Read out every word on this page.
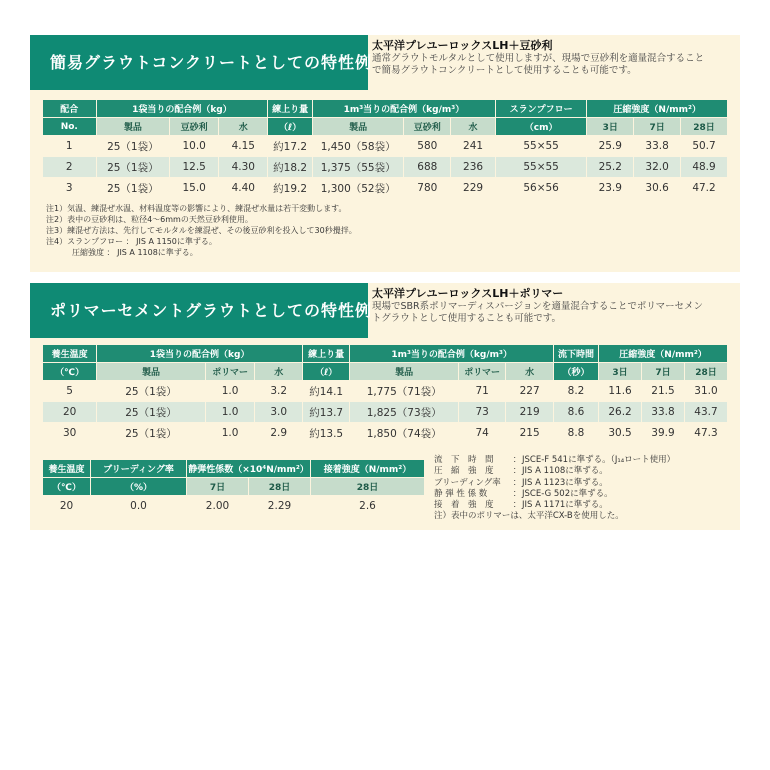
簡易グラウトコンクリートとしての特性例
太平洋プレユーロックスLH＋豆砂利
通常グラウトモルタルとして使用しますが、現場で豆砂利を適量混合すること
で簡易グラウトコンクリートとして使用することも可能です。
配合	1袋当りの配合例（kg）			練上り量	1m³当りの配合例（kg/m³）			スランプフロー	圧縮強度（N/mm²）		
No.	製品	豆砂利	水	（ℓ）	製品	豆砂利	水	（cm）	3日	7日	28日
1	25（1袋）	10.0	4.15	約17.2	1,450（58袋）	580	241	55×55	25.9	33.8	50.7
2	25（1袋）	12.5	4.30	約18.2	1,375（55袋）	688	236	55×55	25.2	32.0	48.9
3	25（1袋）	15.0	4.40	約19.2	1,300（52袋）	780	229	56×56	23.9	30.6	47.2
注1）気温、練混ぜ水温、材料温度等の影響により、練混ぜ水量は若干変動します。
注2）表中の豆砂利は、粒径4〜6mmの天然豆砂利使用。
注3）練混ぜ方法は、先行してモルタルを練混ぜ、その後豆砂利を投入して30秒攪拌。
注4）スランプフロー ： JIS A 1150に準ずる。
圧縮強度 ： JIS A 1108に準ずる。
ポリマーセメントグラウトとしての特性例
太平洋プレユーロックスLH＋ポリマー
現場でSBR系ポリマーディスパージョンを適量混合することでポリマーセメン
トグラウトとして使用することも可能です。
養生温度	1袋当りの配合例（kg）			練上り量	1m³当りの配合例（kg/m³）			流下時間	圧縮強度（N/mm²）		
（℃）	製品	ポリマー	水	（ℓ）	製品	ポリマー	水	（秒）	3日	7日	28日
5	25（1袋）	1.0	3.2	約14.1	1,775（71袋）	71	227	8.2	11.6	21.5	31.0
20	25（1袋）	1.0	3.0	約13.7	1,825（73袋）	73	219	8.6	26.2	33.8	43.7
30	25（1袋）	1.0	2.9	約13.5	1,850（74袋）	74	215	8.8	30.5	39.9	47.3
養生温度	ブリーディング率	静弾性係数（×10⁴N/mm²）		接着強度（N/mm²）
（℃）	（%）	7日	28日	28日
20	0.0	2.00	2.29	2.6
流　下　時　間 ：JSCE-F 541に準ずる。（J₁₄ロート使用）
圧　縮　強　度 ：JIS A 1108に準ずる。
ブリーディング率 ：JIS A 1123に準ずる。
静 弾 性 係 数	：JSCE-G 502に準ずる。
接　着　強　度 ：JIS A 1171に準ずる。
注）表中のポリマーは、太平洋CX-Bを使用した。
